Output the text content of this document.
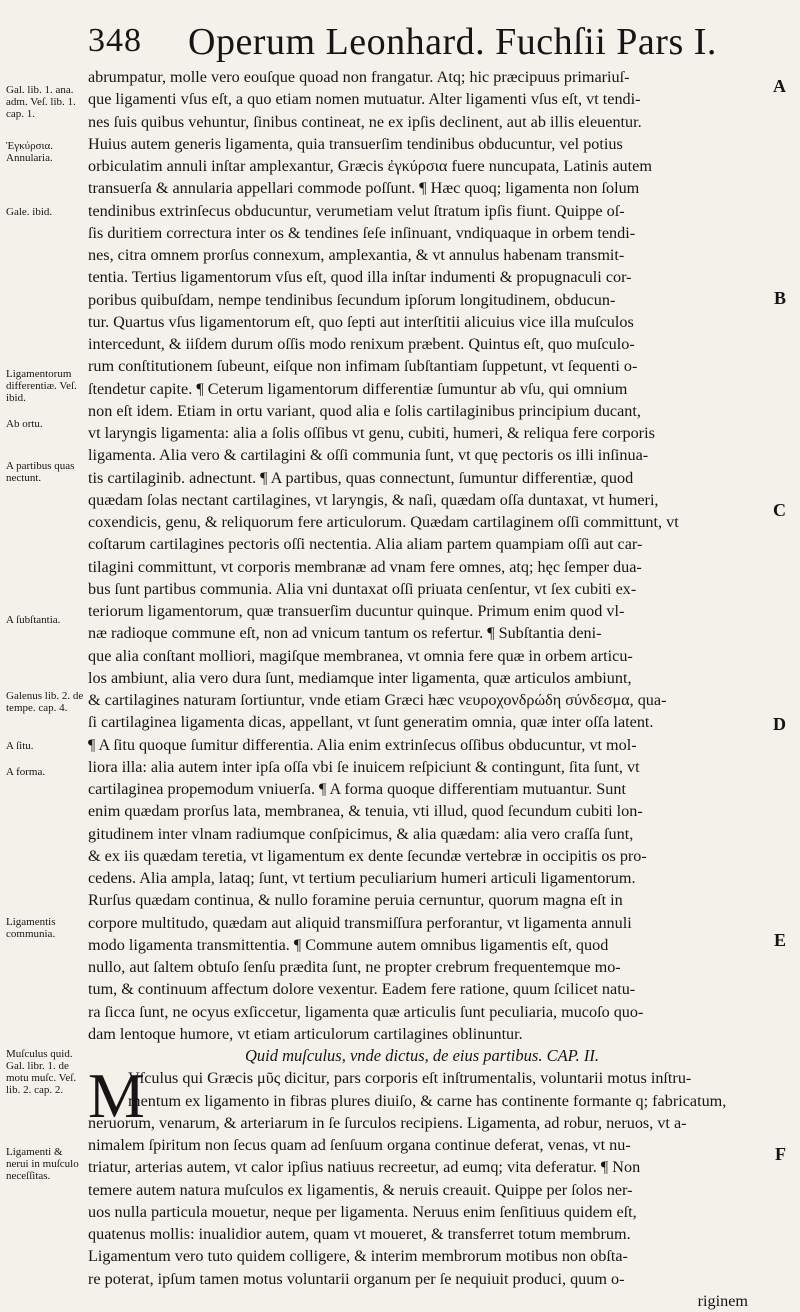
348 Operum Leonhard. Fuchſii Pars I.
Gal. lib. 1. ana. adm. Veſ. lib. 1. cap. 1.
Ἐγκύρσια. Annularia.
Gale. ibid.
Ligamentorum differentiæ. Veſ. ibid.
Ab ortu.
A partibus quas nectunt.
A ſubſtantia.
Galenus lib. 2. de tempe. cap. 4.
A ſitu.
A forma.
Ligamentis communia.
Muſculus quid. Gal. libr. 1. de motu muſc. Veſ. lib. 2. cap. 2.
Ligamenti & nerui in muſculo neceſſitas.
A
B
C
D
E
F
abrumpatur, molle vero eouſque quoad non frangatur. Atq; hic præcipuus primariuſ-
que ligamenti vſus eſt, a quo etiam nomen mutuatur. Alter ligamenti vſus eſt, vt tendi-
nes ſuis quibus vehuntur, ſinibus contineat, ne ex ipſis declinent, aut ab illis eleuentur.
Huius autem generis ligamenta, quia transuerſim tendinibus obducuntur, vel potius
orbiculatim annuli inſtar amplexantur, Græcis ἐγκύρσια fuere nuncupata, Latinis autem
transuerſa & annularia appellari commode poſſunt. ¶ Hæc quoq; ligamenta non ſolum
tendinibus extrinſecus obducuntur, verumetiam velut ſtratum ipſis fiunt. Quippe oſ-
ſis duritiem correctura inter os & tendines ſeſe inſinuant, vndiquaque in orbem tendi-
nes, citra omnem prorſus connexum, amplexantia, & vt annulus habenam transmit-
tentia. Tertius ligamentorum vſus eſt, quod illa inſtar indumenti & propugnaculi cor-
poribus quibuſdam, nempe tendinibus ſecundum ipſorum longitudinem, obducun-
tur. Quartus vſus ligamentorum eſt, quo ſepti aut interſtitii alicuius vice illa muſculos
intercedunt, & iiſdem durum oſſis modo renixum præbent. Quintus eſt, quo muſculo-
rum conſtitutionem ſubeunt, eiſque non infimam ſubſtantiam ſuppetunt, vt ſequenti o-
ſtendetur capite. ¶ Ceterum ligamentorum differentiæ ſumuntur ab vſu, qui omnium
non eſt idem. Etiam in ortu variant, quod alia e ſolis cartilaginibus principium ducant,
vt laryngis ligamenta: alia a ſolis oſſibus vt genu, cubiti, humeri, & reliqua fere corporis
ligamenta. Alia vero & cartilagini & oſſi communia ſunt, vt quę pectoris os illi inſinua-
tis cartilaginib. adnectunt. ¶ A partibus, quas connectunt, ſumuntur differentiæ, quod
quædam ſolas nectant cartilagines, vt laryngis, & naſi, quædam oſſa duntaxat, vt humeri,
coxendicis, genu, & reliquorum fere articulorum. Quædam cartilaginem oſſi committunt, vt
coſtarum cartilagines pectoris oſſi nectentia. Alia aliam partem quampiam oſſi aut car-
tilagini committunt, vt corporis membranæ ad vnam fere omnes, atq; hęc ſemper dua-
bus ſunt partibus communia. Alia vni duntaxat oſſi priuata cenſentur, vt ſex cubiti ex-
teriorum ligamentorum, quæ transuerſim ducuntur quinque. Primum enim quod vl-
næ radioque commune eſt, non ad vnicum tantum os refertur. ¶ Subſtantia deni-
que alia conſtant molliori, magiſque membranea, vt omnia fere quæ in orbem articu-
los ambiunt, alia vero dura ſunt, mediamque inter ligamenta, quæ articulos ambiunt,
& cartilagines naturam ſortiuntur, vnde etiam Græci hæc νευροχονδρώδη σύνδεσμα, qua-
ſi cartilaginea ligamenta dicas, appellant, vt ſunt generatim omnia, quæ inter oſſa latent.
¶ A ſitu quoque ſumitur differentia. Alia enim extrinſecus oſſibus obducuntur, vt mol-
liora illa: alia autem inter ipſa oſſa vbi ſe inuicem reſpiciunt & contingunt, ſita ſunt, vt
cartilaginea propemodum vniuerſa. ¶ A forma quoque differentiam mutuantur. Sunt
enim quædam prorſus lata, membranea, & tenuia, vti illud, quod ſecundum cubiti lon-
gitudinem inter vlnam radiumque conſpicimus, & alia quædam: alia vero craſſa ſunt,
& ex iis quædam teretia, vt ligamentum ex dente ſecundæ vertebræ in occipitis os pro-
cedens. Alia ampla, lataq; ſunt, vt tertium peculiarium humeri articuli ligamentorum.
Rurſus quædam continua, & nullo foramine peruia cernuntur, quorum magna eſt in
corpore multitudo, quædam aut aliquid transmiſſura perforantur, vt ligamenta annuli
modo ligamenta transmittentia. ¶ Commune autem omnibus ligamentis eſt, quod
nullo, aut ſaltem obtuſo ſenſu prædita ſunt, ne propter crebrum frequentemque mo-
tum, & continuum affectum dolore vexentur. Eadem fere ratione, quum ſcilicet natu-
ra ſicca ſunt, ne ocyus exſiccetur, ligamenta quæ articulis ſunt peculiaria, mucoſo quo-
dam lentoque humore, vt etiam articulorum cartilagines oblinuntur.
Quid muſculus, vnde dictus, de eius partibus. CAP. II.
M
Vſculus qui Græcis μῦς dicitur, pars corporis eſt inſtrumentalis, voluntarii motus inſtru-
mentum ex ligamento in fibras plures diuiſo, & carne has continente formante q; fabricatum,
neruorum, venarum, & arteriarum in ſe ſurculos recipiens. Ligamenta, ad robur, neruos, vt a-
nimalem ſpiritum non ſecus quam ad ſenſuum organa continue deferat, venas, vt nu-
triatur, arterias autem, vt calor ipſius natiuus recreetur, ad eumq; vita deferatur. ¶ Non
temere autem natura muſculos ex ligamentis, & neruis creauit. Quippe per ſolos ner-
uos nulla particula mouetur, neque per ligamenta. Neruus enim ſenſitiuus quidem eſt,
quatenus mollis: inualidior autem, quam vt moueret, & transferret totum membrum.
Ligamentum vero tuto quidem colligere, & interim membrorum motibus non obſta-
re poterat, ipſum tamen motus voluntarii organum per ſe nequiuit produci, quum o-
riginem
